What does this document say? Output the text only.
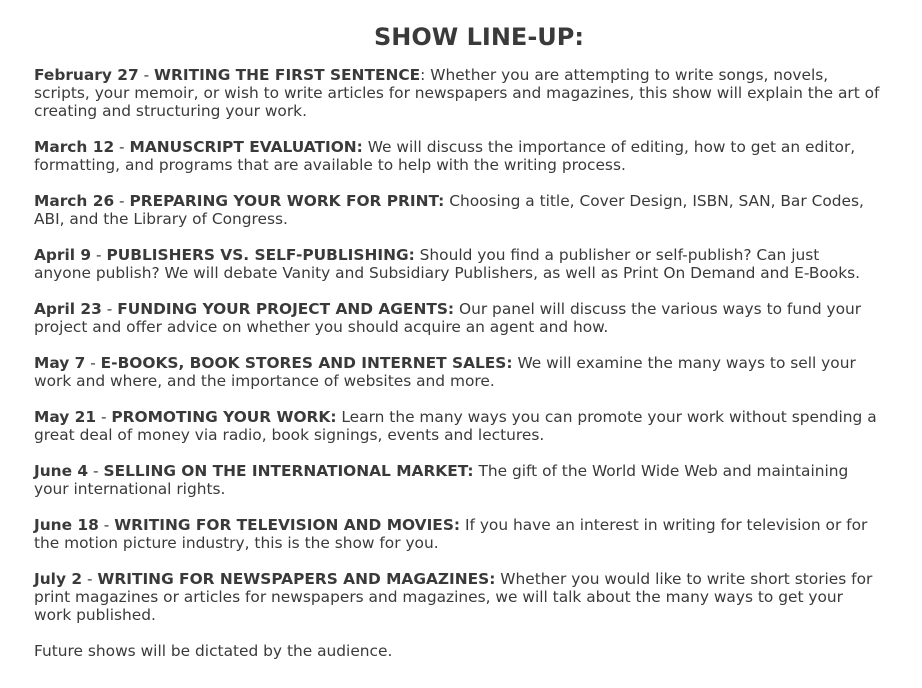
SHOW LINE-UP:
February 27 - WRITING THE FIRST SENTENCE: Whether you are attempting to write songs, novels, scripts, your memoir, or wish to write articles for newspapers and magazines, this show will explain the art of creating and structuring your work.
March 12 - MANUSCRIPT EVALUATION: We will discuss the importance of editing, how to get an editor, formatting, and programs that are available to help with the writing process.
March 26 - PREPARING YOUR WORK FOR PRINT: Choosing a title, Cover Design, ISBN, SAN, Bar Codes, ABI, and the Library of Congress.
April 9 - PUBLISHERS VS. SELF-PUBLISHING: Should you find a publisher or self-publish? Can just anyone publish? We will debate Vanity and Subsidiary Publishers, as well as Print On Demand and E-Books.
April 23 - FUNDING YOUR PROJECT AND AGENTS: Our panel will discuss the various ways to fund your project and offer advice on whether you should acquire an agent and how.
May 7 - E-BOOKS, BOOK STORES AND INTERNET SALES: We will examine the many ways to sell your work and where, and the importance of websites and more.
May 21 - PROMOTING YOUR WORK: Learn the many ways you can promote your work without spending a great deal of money via radio, book signings, events and lectures.
June 4 - SELLING ON THE INTERNATIONAL MARKET: The gift of the World Wide Web and maintaining your international rights.
June 18 - WRITING FOR TELEVISION AND MOVIES: If you have an interest in writing for television or for the motion picture industry, this is the show for you.
July 2 - WRITING FOR NEWSPAPERS AND MAGAZINES: Whether you would like to write short stories for print magazines or articles for newspapers and magazines, we will talk about the many ways to get your work published.

Future shows will be dictated by the audience.
